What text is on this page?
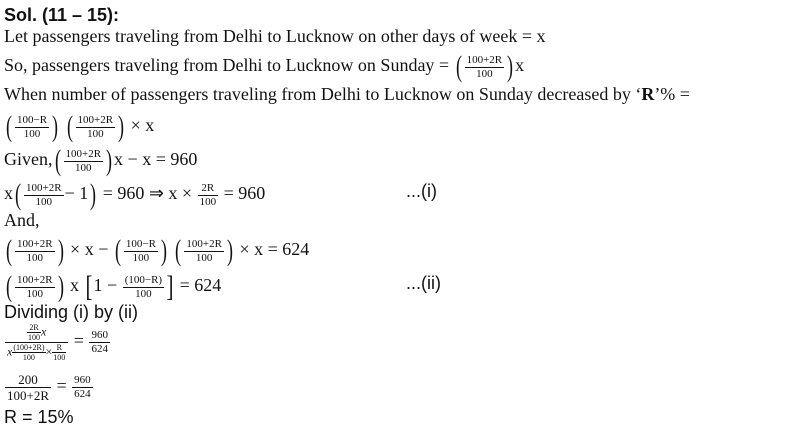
Sol. (11 – 15):
Let passengers traveling from Delhi to Lucknow on other days of week = x
So, passengers traveling from Delhi to Lucknow on Sunday = ( $\frac{100+2R}{100}$ ) x
When number of passengers traveling from Delhi to Lucknow on Sunday decreased by ‘R’% =
( $\frac{100-R}{100}$ ) ( $\frac{100+2R}{100}$ ) × x
Given,( $\frac{100+2R}{100}$ ) x − x = 960
$x( \frac{100+2R}{100} - 1) = 960$ ⇒ $x \times \frac{2R}{100} = 960$	...(i)
And,
( $\frac{100+2R}{100}$ ) × x − ( $\frac{100-R}{100}$ ) ( $\frac{100+2R}{100}$ ) × x = 624
( $\frac{100+2R}{100}$ ) x [$1 - \frac{(100-R)}{100}$ ] = 624	...(ii)
Dividing (i) by (ii)
$\frac{\frac{2R}{100} x}{x \frac{(100+2R)}{100} \times \frac{R}{100}} = \frac{960}{624}$
$\frac{200}{100+2R} = \frac{960}{624}$
R = 15%
